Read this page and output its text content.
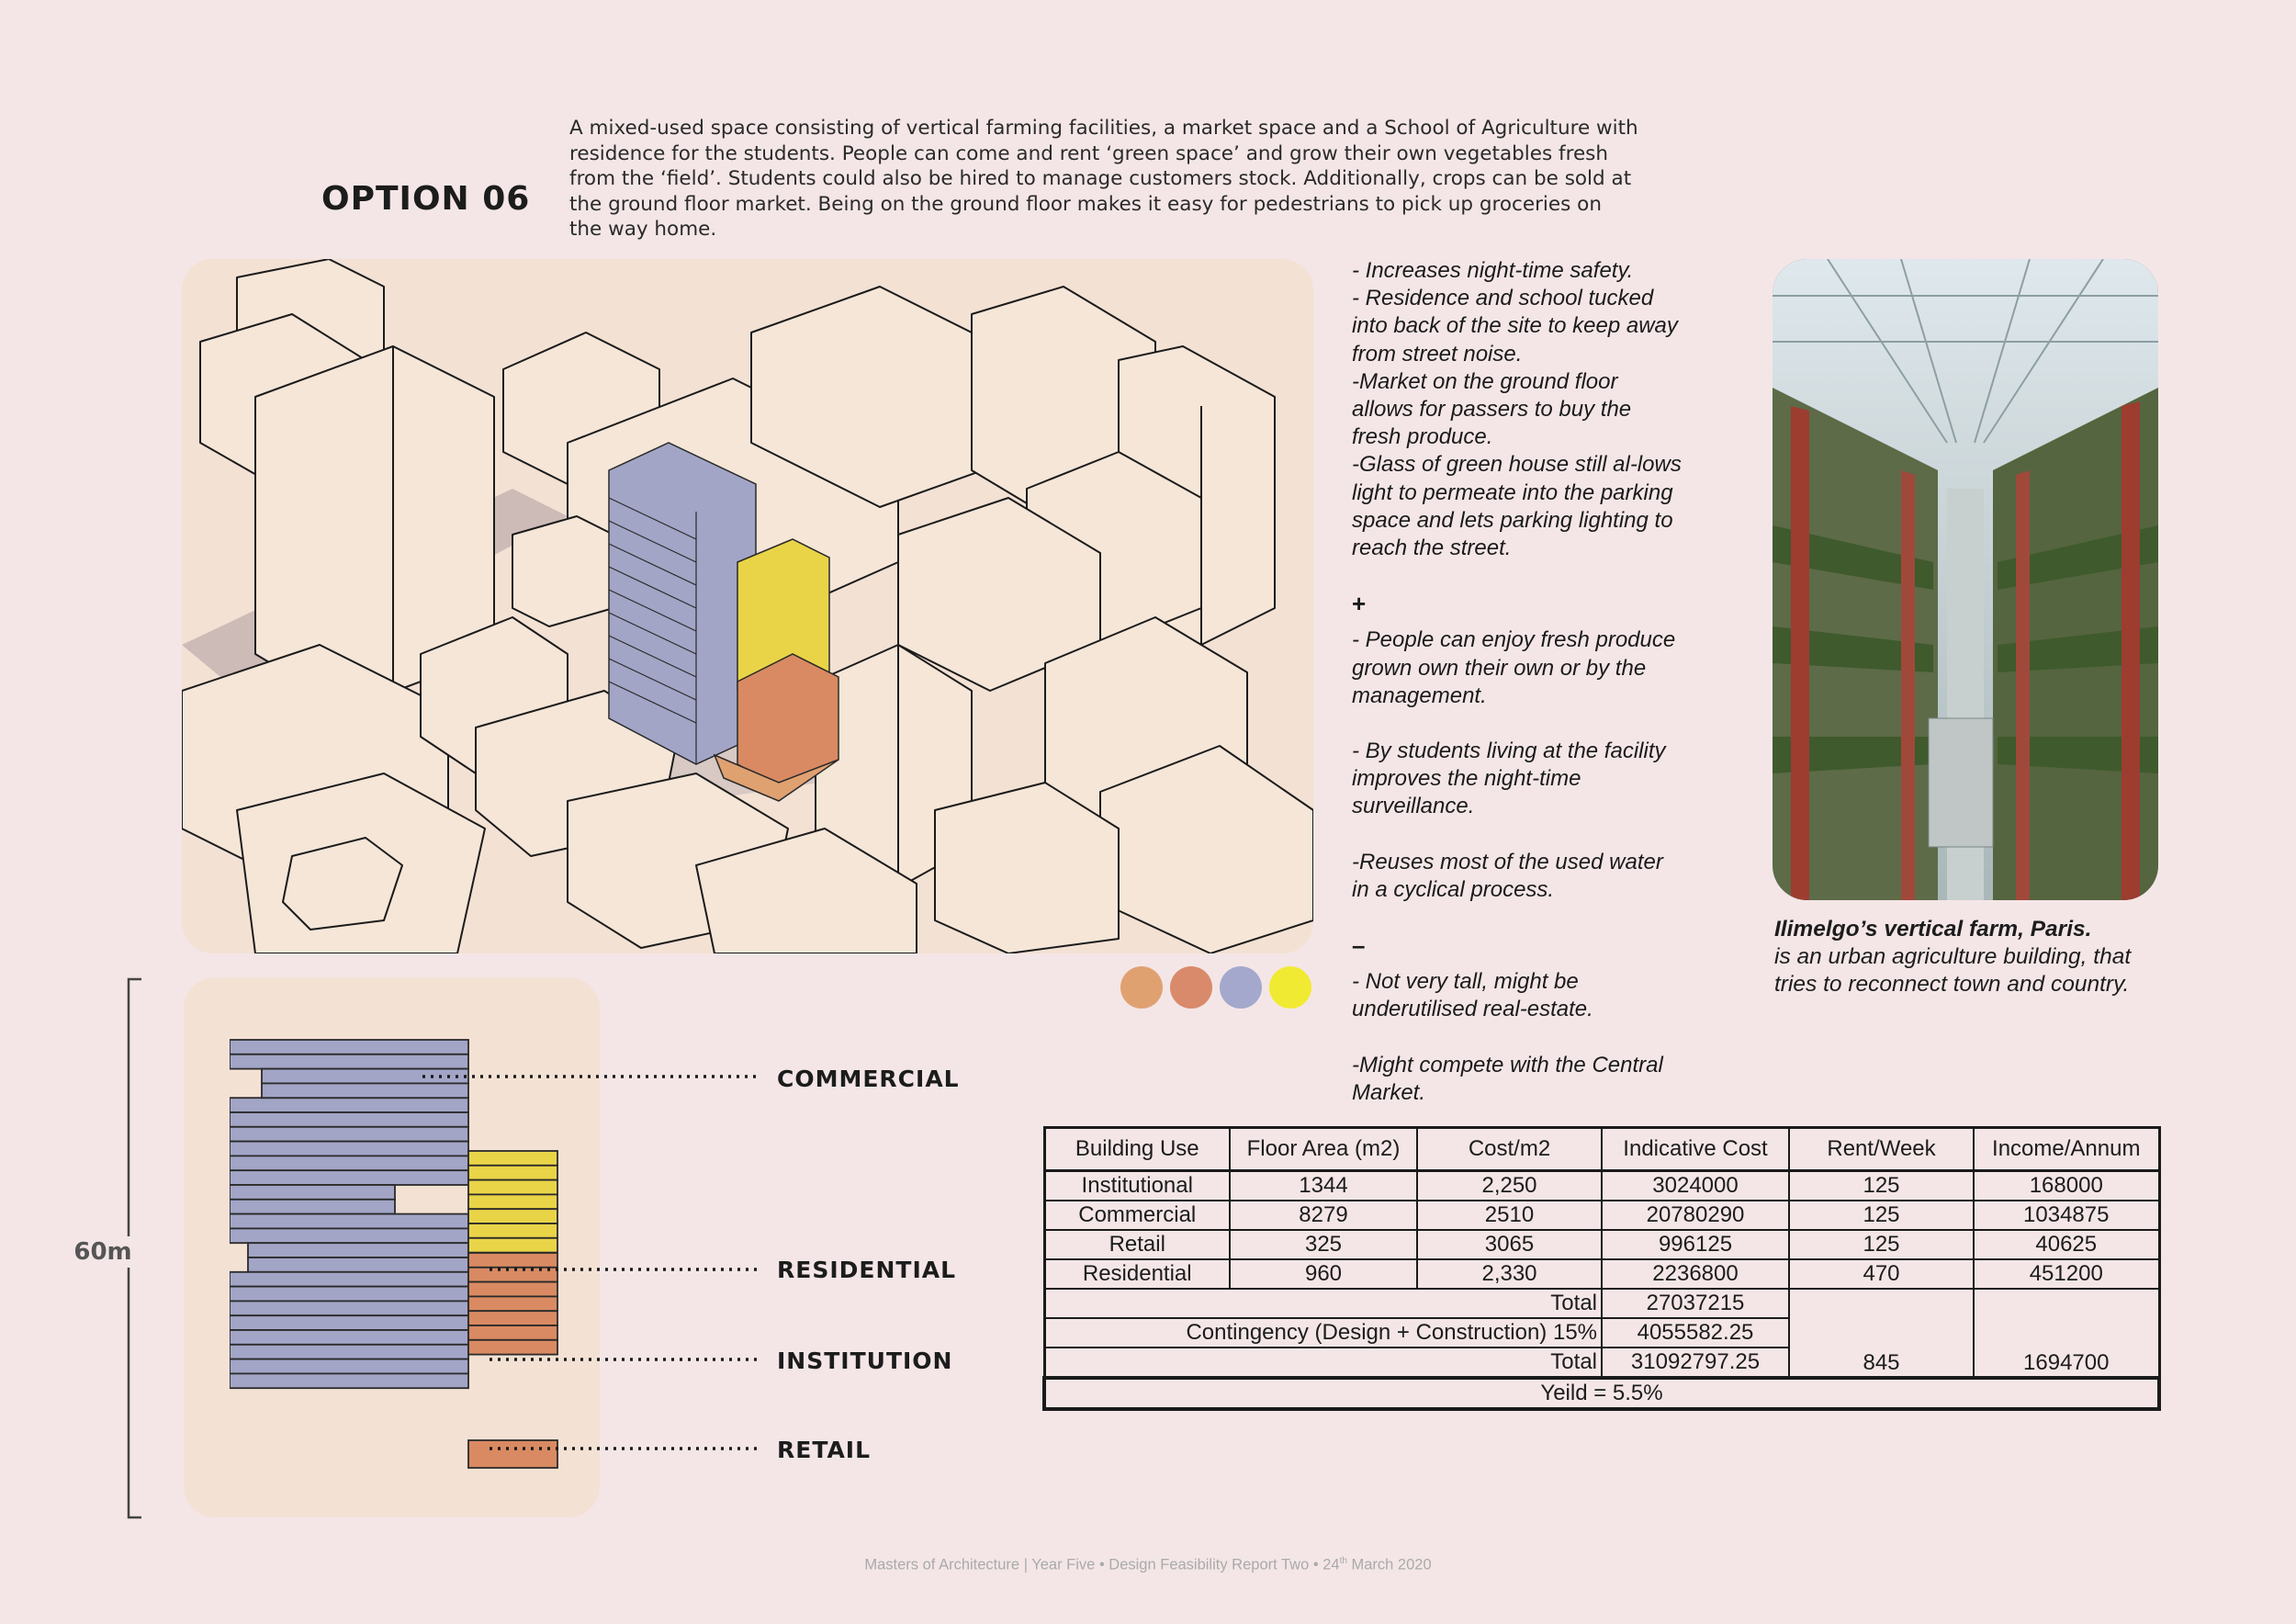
OPTION 06
A mixed-used space consisting of vertical farming facilities, a market space and a School of Agriculture with residence for the students. People can come and rent ‘green space’ and grow their own vegetables fresh from the ‘field’. Students could also be hired to manage customers stock. Additionally, crops can be sold at the ground floor market. Being on the ground floor makes it easy for pedestrians to pick up groceries on the way home.

- Increases night-time safety.
- Residence and school tucked into back of the site to keep away from street noise.
-Market on the ground floor allows for passers to buy the fresh produce.
-Glass of green house still al-lows light to permeate into the parking space and lets parking lighting to reach the street.

+

- People can enjoy fresh produce grown own their own or by the management.

- By students living at the facility improves the night-time surveillance.

-Reuses most of the used water in a cyclical process.

–

- Not very tall, might be underutilised real-estate.

-Might compete with the Central Market.

Ilimelgo’s vertical farm, Paris.
is an urban agriculture building, that tries to reconnect town and country.
60m
COMMERCIAL
RESIDENTIAL
INSTITUTION
RETAIL
Building Use	Floor Area (m2)	Cost/m2	Indicative Cost	Rent/Week	Income/Annum
Institutional	1344	2,250	3024000	125	168000
Commercial	8279	2510	20780290	125	1034875
Retail	325	3065	996125	125	40625
Residential	960	2,330	2236800	470	451200
Total			27037215	845	1694700
Contingency (Design + Construction) 15%			4055582.25		
Total			31092797.25		
Yeild = 5.5%					
Masters of Architecture | Year Five • Design Feasibility Report Two • 24th March 2020
